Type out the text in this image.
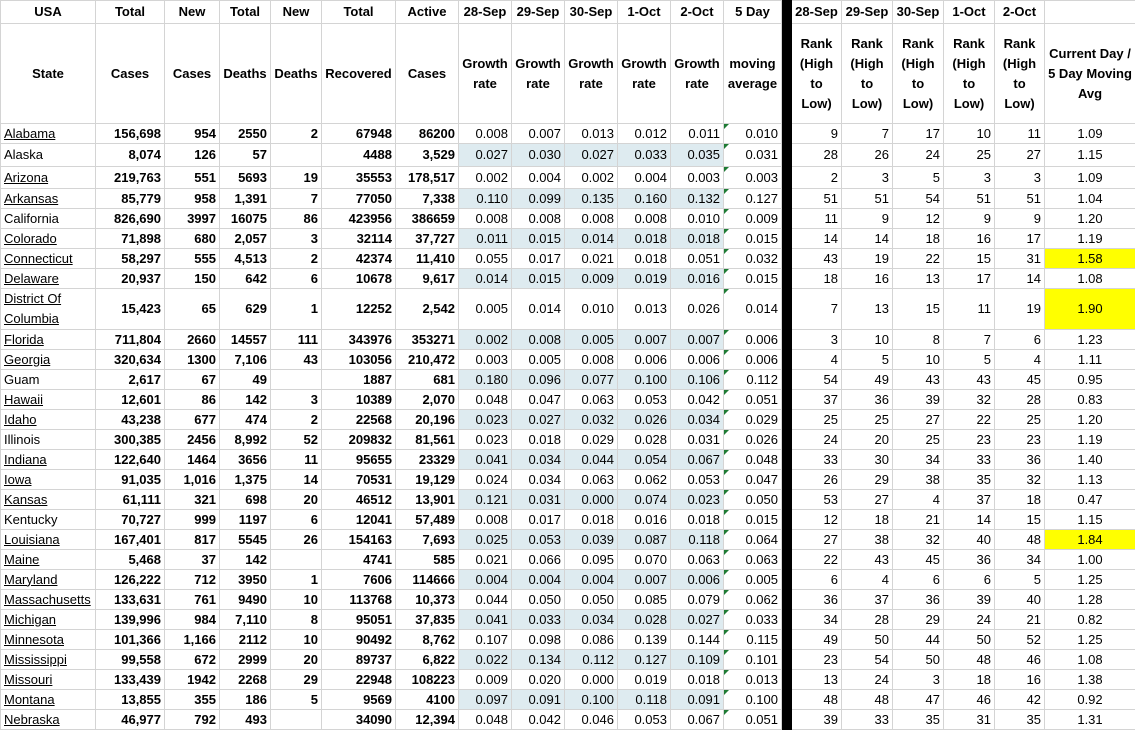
USA	Total	New	Total	New	Total	Active	28-Sep	29-Sep	30-Sep	1-Oct	2-Oct	5 Day		28-Sep	29-Sep	30-Sep	1-Oct	2-Oct	
State	Cases	Cases	Deaths	Deaths	Recovered	Cases	Growth rate	Growth rate	Growth rate	Growth rate	Growth rate	moving average		Rank (High to Low)	Rank (High to Low)	Rank (High to Low)	Rank (High to Low)	Rank (High to Low)	Current Day / 5 Day Moving Avg
Alabama	156,698	954	2550	2	67948	86200	0.008	0.007	0.013	0.012	0.011	0.010		9	7	17	10	11	1.09
Alaska	8,074	126	57		4488	3,529	0.027	0.030	0.027	0.033	0.035	0.031		28	26	24	25	27	1.15
Arizona	219,763	551	5693	19	35553	178,517	0.002	0.004	0.002	0.004	0.003	0.003		2	3	5	3	3	1.09
Arkansas	85,779	958	1,391	7	77050	7,338	0.110	0.099	0.135	0.160	0.132	0.127		51	51	54	51	51	1.04
California	826,690	3997	16075	86	423956	386659	0.008	0.008	0.008	0.008	0.010	0.009		11	9	12	9	9	1.20
Colorado	71,898	680	2,057	3	32114	37,727	0.011	0.015	0.014	0.018	0.018	0.015		14	14	18	16	17	1.19
Connecticut	58,297	555	4,513	2	42374	11,410	0.055	0.017	0.021	0.018	0.051	0.032		43	19	22	15	31	1.58
Delaware	20,937	150	642	6	10678	9,617	0.014	0.015	0.009	0.019	0.016	0.015		18	16	13	17	14	1.08
District Of Columbia	15,423	65	629	1	12252	2,542	0.005	0.014	0.010	0.013	0.026	0.014		7	13	15	11	19	1.90
Florida	711,804	2660	14557	111	343976	353271	0.002	0.008	0.005	0.007	0.007	0.006		3	10	8	7	6	1.23
Georgia	320,634	1300	7,106	43	103056	210,472	0.003	0.005	0.008	0.006	0.006	0.006		4	5	10	5	4	1.11
Guam	2,617	67	49		1887	681	0.180	0.096	0.077	0.100	0.106	0.112		54	49	43	43	45	0.95
Hawaii	12,601	86	142	3	10389	2,070	0.048	0.047	0.063	0.053	0.042	0.051		37	36	39	32	28	0.83
Idaho	43,238	677	474	2	22568	20,196	0.023	0.027	0.032	0.026	0.034	0.029		25	25	27	22	25	1.20
Illinois	300,385	2456	8,992	52	209832	81,561	0.023	0.018	0.029	0.028	0.031	0.026		24	20	25	23	23	1.19
Indiana	122,640	1464	3656	11	95655	23329	0.041	0.034	0.044	0.054	0.067	0.048		33	30	34	33	36	1.40
Iowa	91,035	1,016	1,375	14	70531	19,129	0.024	0.034	0.063	0.062	0.053	0.047		26	29	38	35	32	1.13
Kansas	61,111	321	698	20	46512	13,901	0.121	0.031	0.000	0.074	0.023	0.050		53	27	4	37	18	0.47
Kentucky	70,727	999	1197	6	12041	57,489	0.008	0.017	0.018	0.016	0.018	0.015		12	18	21	14	15	1.15
Louisiana	167,401	817	5545	26	154163	7,693	0.025	0.053	0.039	0.087	0.118	0.064		27	38	32	40	48	1.84
Maine	5,468	37	142		4741	585	0.021	0.066	0.095	0.070	0.063	0.063		22	43	45	36	34	1.00
Maryland	126,222	712	3950	1	7606	114666	0.004	0.004	0.004	0.007	0.006	0.005		6	4	6	6	5	1.25
Massachusetts	133,631	761	9490	10	113768	10,373	0.044	0.050	0.050	0.085	0.079	0.062		36	37	36	39	40	1.28
Michigan	139,996	984	7,110	8	95051	37,835	0.041	0.033	0.034	0.028	0.027	0.033		34	28	29	24	21	0.82
Minnesota	101,366	1,166	2112	10	90492	8,762	0.107	0.098	0.086	0.139	0.144	0.115		49	50	44	50	52	1.25
Mississippi	99,558	672	2999	20	89737	6,822	0.022	0.134	0.112	0.127	0.109	0.101		23	54	50	48	46	1.08
Missouri	133,439	1942	2268	29	22948	108223	0.009	0.020	0.000	0.019	0.018	0.013		13	24	3	18	16	1.38
Montana	13,855	355	186	5	9569	4100	0.097	0.091	0.100	0.118	0.091	0.100		48	48	47	46	42	0.92
Nebraska	46,977	792	493		34090	12,394	0.048	0.042	0.046	0.053	0.067	0.051		39	33	35	31	35	1.31
